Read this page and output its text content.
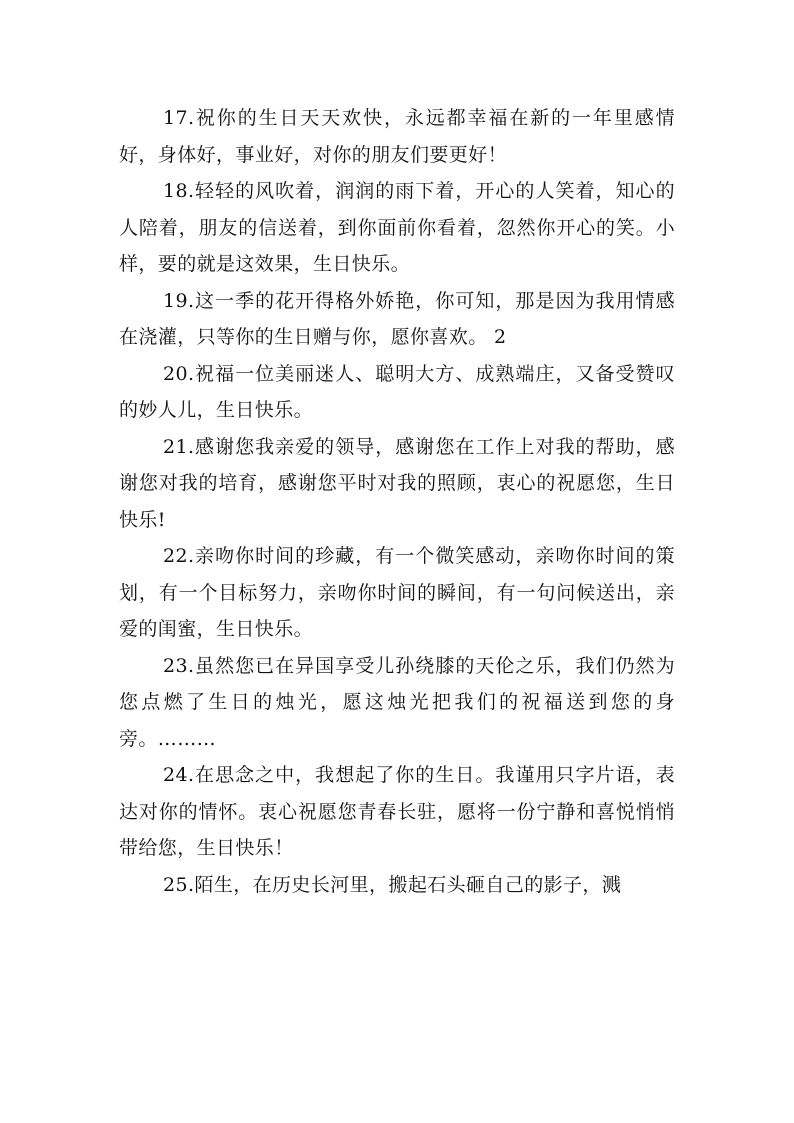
17.祝你的生日天天欢快，永远都幸福在新的一年里感情好，身体好，事业好，对你的朋友们要更好！

18.轻轻的风吹着，润润的雨下着，开心的人笑着，知心的人陪着，朋友的信送着，到你面前你看着，忽然你开心的笑。小样，要的就是这效果，生日快乐。

19.这一季的花开得格外娇艳，你可知，那是因为我用情感在浇灌，只等你的生日赠与你，愿你喜欢。 2

20.祝福一位美丽迷人、聪明大方、成熟端庄，又备受赞叹的妙人儿，生日快乐。

21.感谢您我亲爱的领导，感谢您在工作上对我的帮助，感谢您对我的培育，感谢您平时对我的照顾，衷心的祝愿您，生日快乐!

22.亲吻你时间的珍藏，有一个微笑感动，亲吻你时间的策划，有一个目标努力，亲吻你时间的瞬间，有一句问候送出，亲爱的闺蜜，生日快乐。

23.虽然您已在异国享受儿孙绕膝的天伦之乐，我们仍然为您点燃了生日的烛光，愿这烛光把我们的祝福送到您的身旁。………

24.在思念之中，我想起了你的生日。我谨用只字片语，表达对你的情怀。衷心祝愿您青春长驻，愿将一份宁静和喜悦悄悄带给您，生日快乐！

25.陌生，在历史长河里，搬起石头砸自己的影子，溅
